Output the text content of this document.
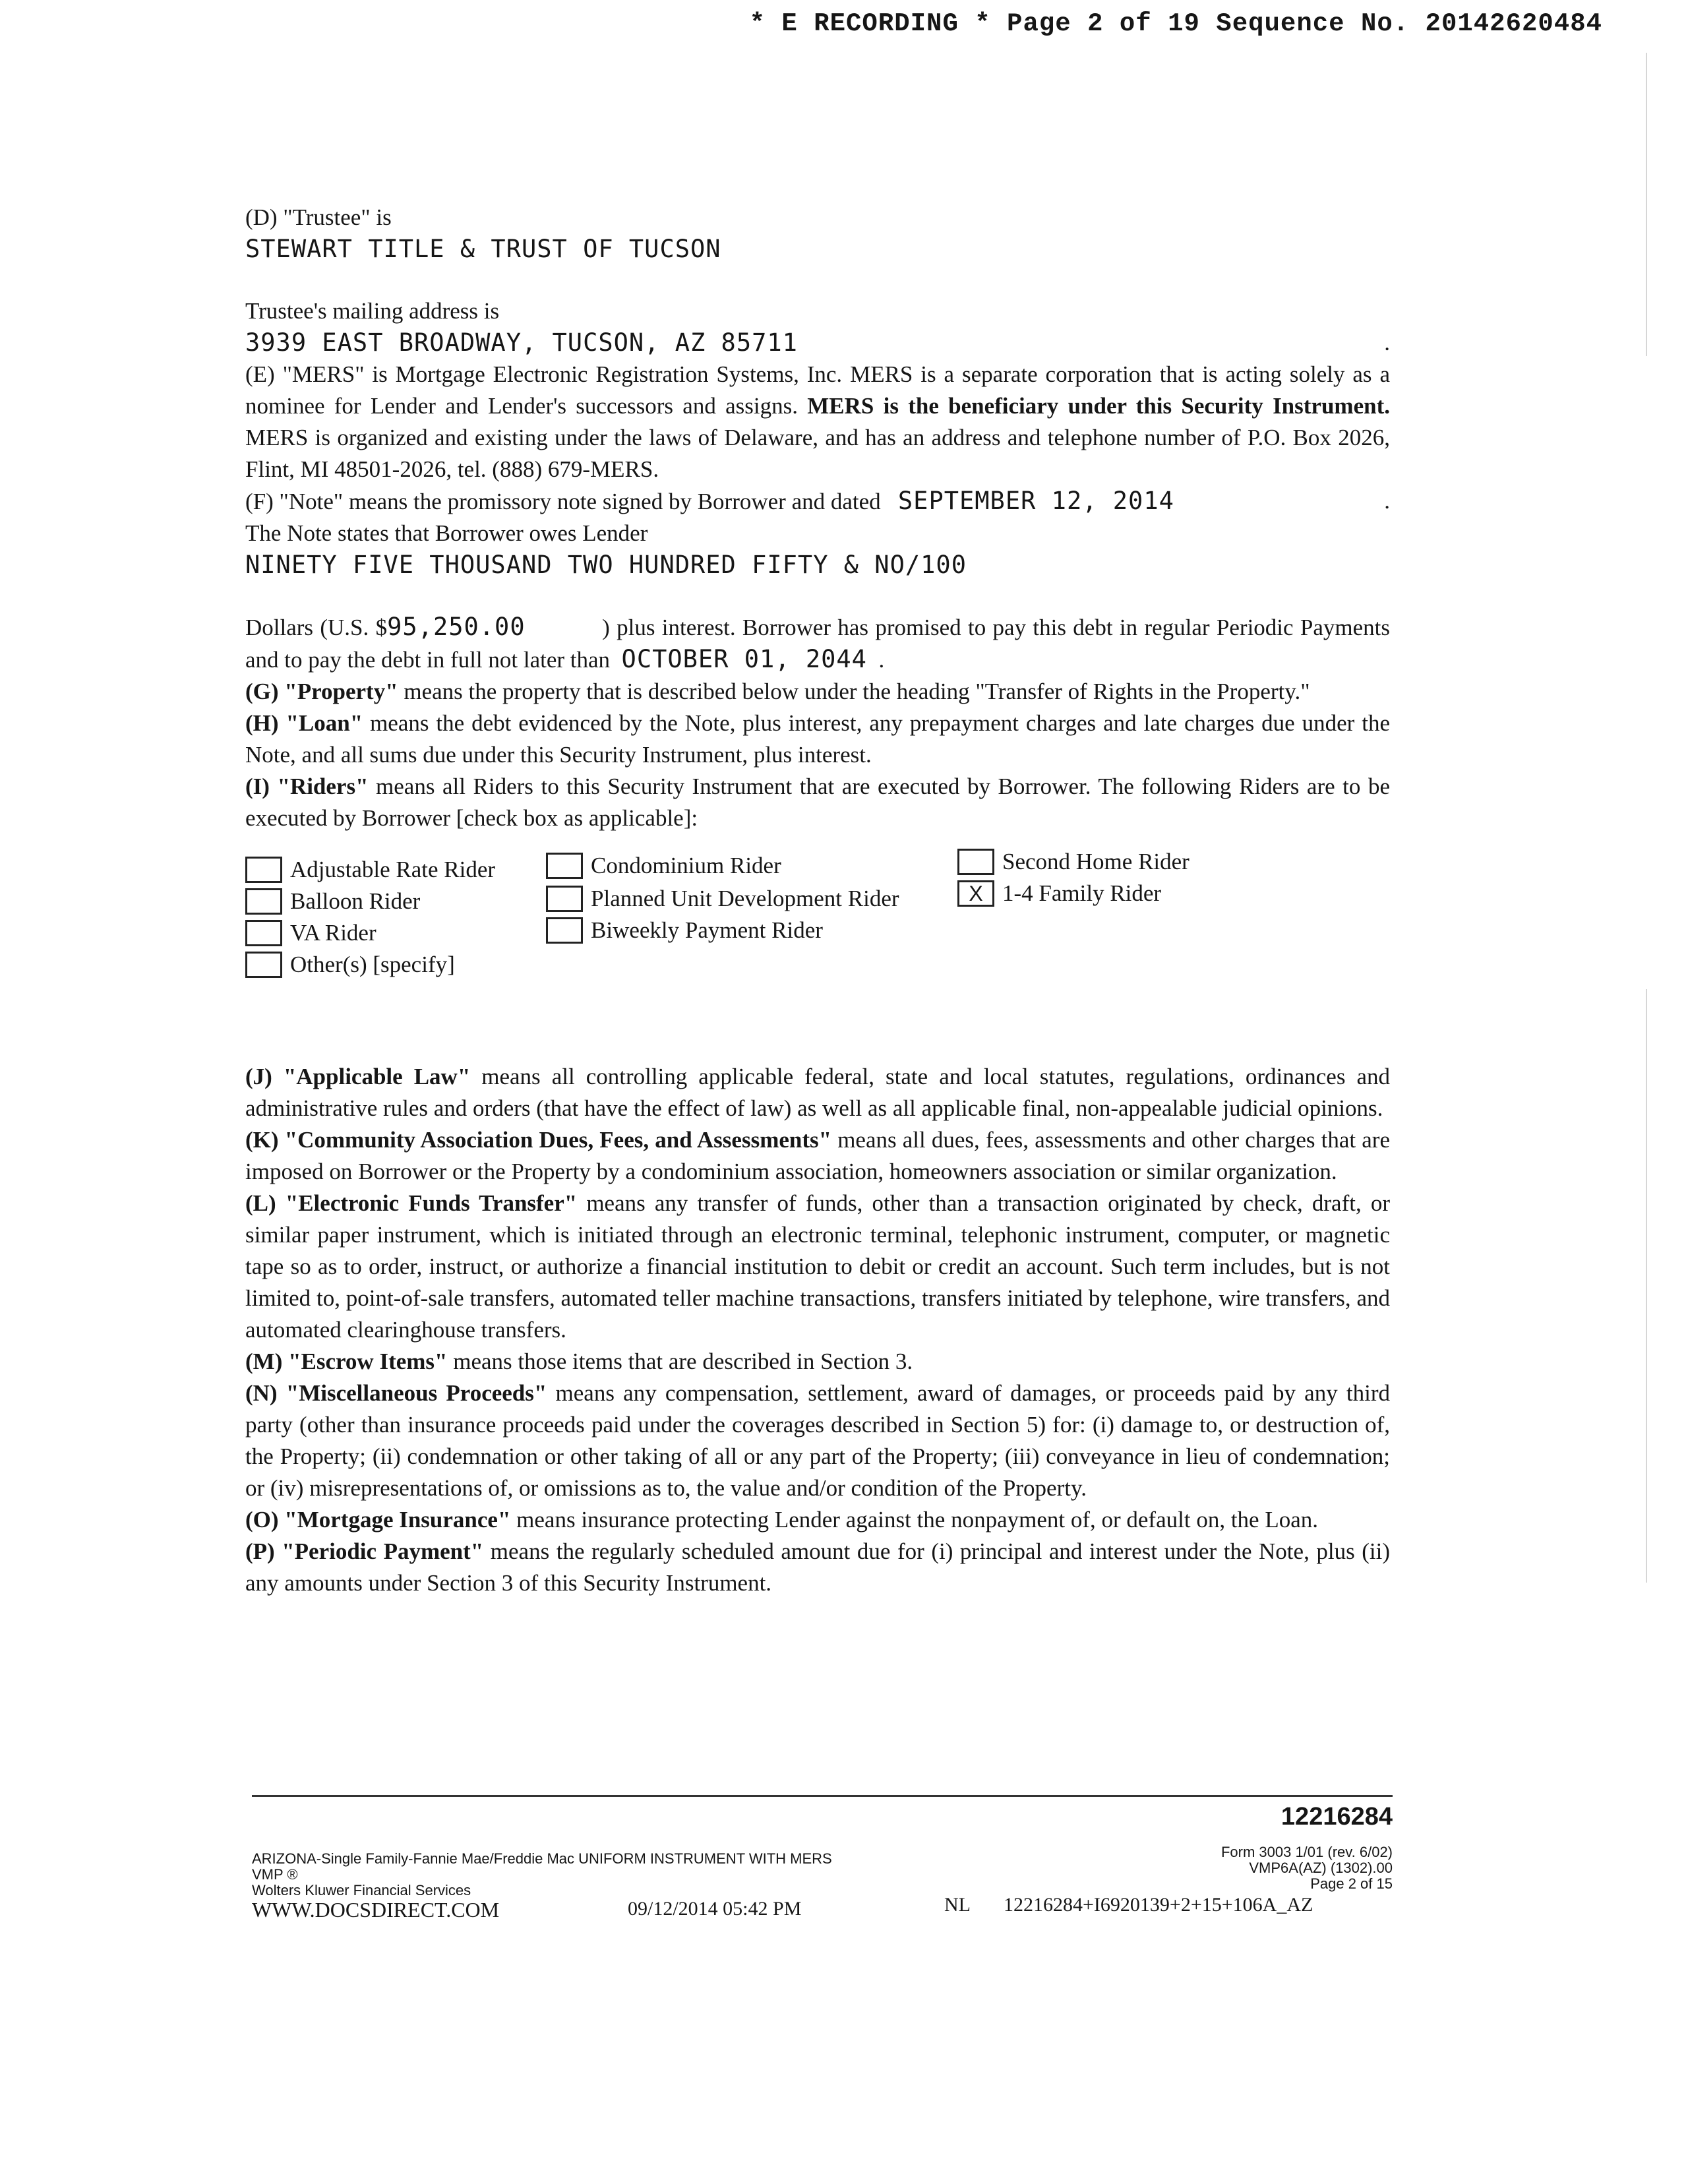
* E RECORDING * Page 2 of 19 Sequence No. 20142620484

(D) "Trustee" is

STEWART TITLE & TRUST OF TUCSON

Trustee's mailing address is

3939 EAST BROADWAY, TUCSON, AZ 85711	.

(E) "MERS" is Mortgage Electronic Registration Systems, Inc. MERS is a separate corporation that is acting solely as a nominee for Lender and Lender's successors and assigns. MERS is the beneficiary under this Security Instrument. MERS is organized and existing under the laws of Delaware, and has an address and telephone number of P.O. Box 2026, Flint, MI 48501-2026, tel. (888) 679-MERS.

(F) "Note" means the promissory note signed by Borrower and dated SEPTEMBER 12, 2014	.

The Note states that Borrower owes Lender

NINETY FIVE THOUSAND TWO HUNDRED FIFTY & NO/100

Dollars (U.S. $95,250.00	) plus interest. Borrower has promised to pay this debt in regular Periodic Payments and to pay the debt in full not later than OCTOBER 01, 2044  .

(G) "Property" means the property that is described below under the heading "Transfer of Rights in the Property."

(H) "Loan" means the debt evidenced by the Note, plus interest, any prepayment charges and late charges due under the Note, and all sums due under this Security Instrument, plus interest.

(I) "Riders" means all Riders to this Security Instrument that are executed by Borrower. The following Riders are to be executed by Borrower [check box as applicable]:

Adjustable Rate Rider
Balloon Rider
VA Rider
Other(s) [specify]
Condominium Rider
Planned Unit Development Rider
Biweekly Payment Rider
Second Home Rider
X 1-4 Family Rider

(J) "Applicable Law" means all controlling applicable federal, state and local statutes, regulations, ordinances and administrative rules and orders (that have the effect of law) as well as all applicable final, non-appealable judicial opinions.

(K) "Community Association Dues, Fees, and Assessments" means all dues, fees, assessments and other charges that are imposed on Borrower or the Property by a condominium association, homeowners association or similar organization.

(L) "Electronic Funds Transfer" means any transfer of funds, other than a transaction originated by check, draft, or similar paper instrument, which is initiated through an electronic terminal, telephonic instrument, computer, or magnetic tape so as to order, instruct, or authorize a financial institution to debit or credit an account. Such term includes, but is not limited to, point-of-sale transfers, automated teller machine transactions, transfers initiated by telephone, wire transfers, and automated clearinghouse transfers.

(M) "Escrow Items" means those items that are described in Section 3.

(N) "Miscellaneous Proceeds" means any compensation, settlement, award of damages, or proceeds paid by any third party (other than insurance proceeds paid under the coverages described in Section 5) for: (i) damage to, or destruction of, the Property; (ii) condemnation or other taking of all or any part of the Property; (iii) conveyance in lieu of condemnation; or (iv) misrepresentations of, or omissions as to, the value and/or condition of the Property.

(O) "Mortgage Insurance" means insurance protecting Lender against the nonpayment of, or default on, the Loan.

(P) "Periodic Payment" means the regularly scheduled amount due for (i) principal and interest under the Note, plus (ii) any amounts under Section 3 of this Security Instrument.

12216284
ARIZONA-Single Family-Fannie Mae/Freddie Mac UNIFORM INSTRUMENT WITH MERS
VMP ®
Wolters Kluwer Financial Services
WWW.DOCSDIRECT.COM	09/12/2014 05:42 PM	NL 12216284+I6920139+2+15+106A_AZ
Form 3003 1/01 (rev. 6/02)
VMP6A(AZ) (1302).00
Page 2 of 15
